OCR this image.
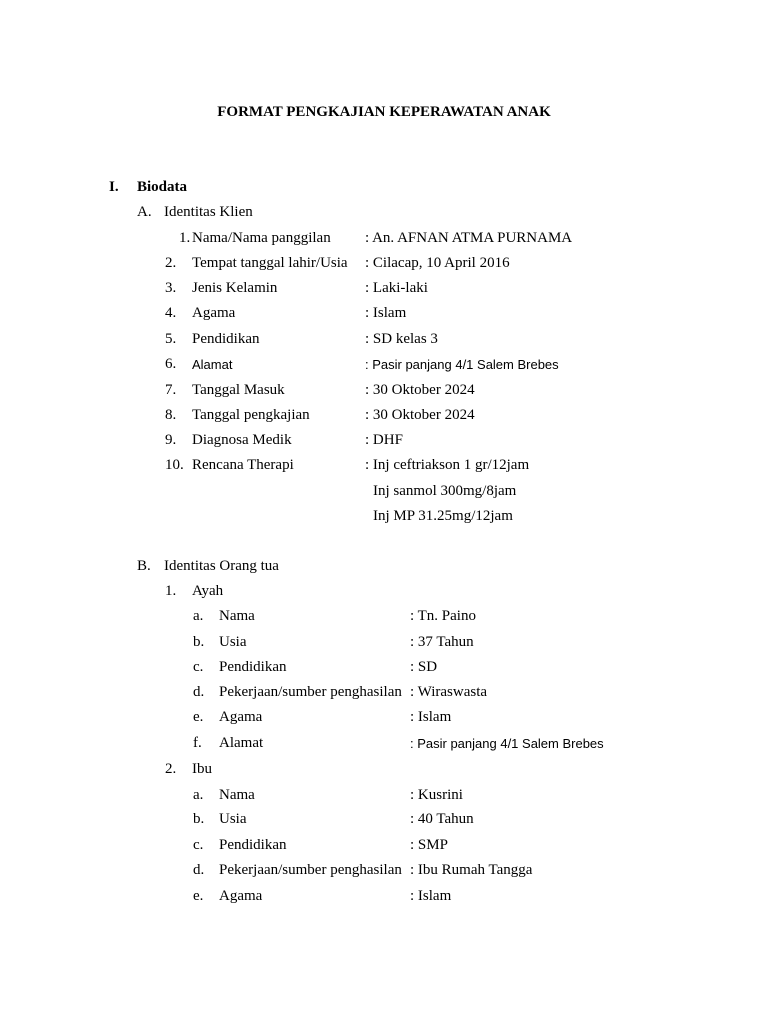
FORMAT PENGKAJIAN KEPERAWATAN ANAK
I. Biodata
A. Identitas Klien
1. Nama/Nama panggilan : An. AFNAN ATMA PURNAMA
2. Tempat tanggal lahir/Usia : Cilacap, 10 April 2016
3. Jenis Kelamin	: Laki-laki
4. Agama	: Islam
5. Pendidikan	: SD kelas 3
6. Alamat	: Pasir panjang 4/1 Salem Brebes
7. Tanggal Masuk	: 30 Oktober 2024
8. Tanggal pengkajian	: 30 Oktober 2024
9. Diagnosa Medik	: DHF
10. Rencana Therapi	: Inj ceftriakson 1 gr/12jam
Inj sanmol 300mg/8jam
Inj MP 31.25mg/12jam
B. Identitas Orang tua
1. Ayah
a. Nama	: Tn. Paino
b. Usia	: 37 Tahun
c. Pendidikan	: SD
d. Pekerjaan/sumber penghasilan : Wiraswasta
e. Agama	: Islam
f. Alamat	: Pasir panjang 4/1 Salem Brebes
2. Ibu
a. Nama	: Kusrini
b. Usia	: 40 Tahun
c. Pendidikan	: SMP
d. Pekerjaan/sumber penghasilan : Ibu Rumah Tangga
e. Agama	: Islam
